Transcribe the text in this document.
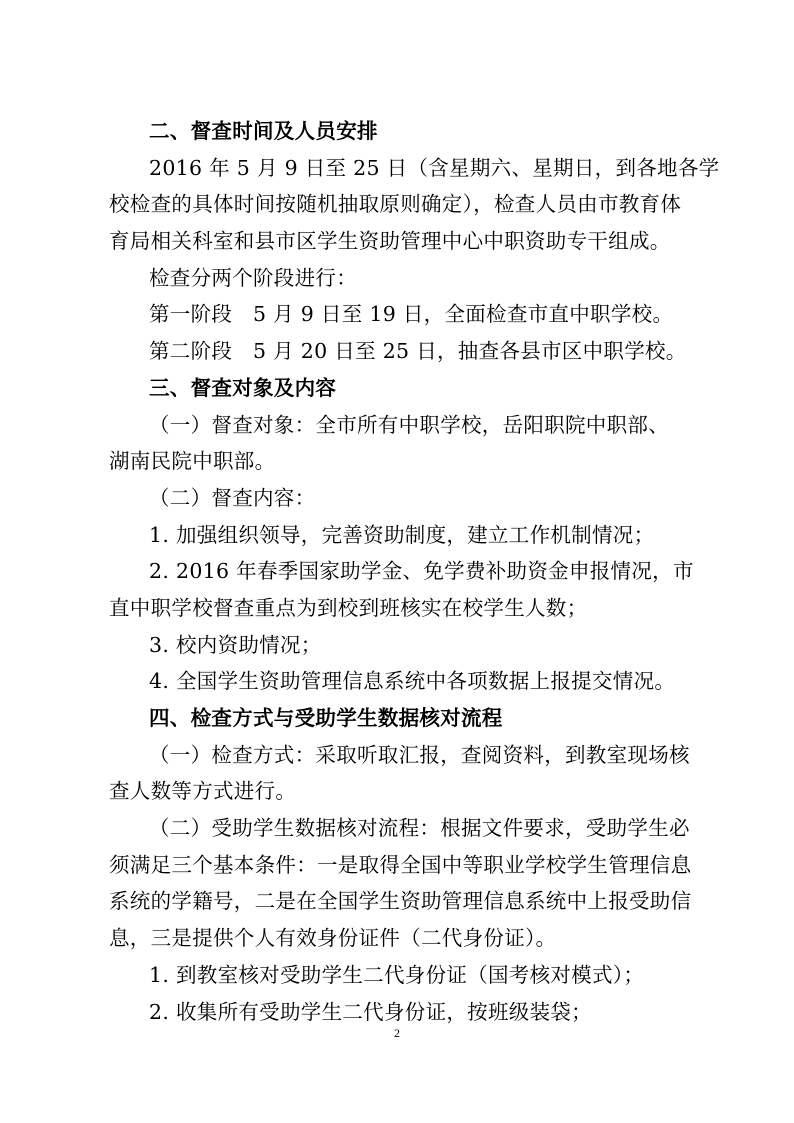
二、督查时间及人员安排
2016 年 5 月 9 日至 25 日（含星期六、星期日，到各地各学
校检查的具体时间按随机抽取原则确定），检查人员由市教育体
育局相关科室和县市区学生资助管理中心中职资助专干组成。
检查分两个阶段进行：
第一阶段　5 月 9 日至 19 日，全面检查市直中职学校。
第二阶段　5 月 20 日至 25 日，抽查各县市区中职学校。
三、督查对象及内容
（一）督查对象：全市所有中职学校，岳阳职院中职部、
湖南民院中职部。
（二）督查内容：
1. 加强组织领导，完善资助制度，建立工作机制情况；
2. 2016 年春季国家助学金、免学费补助资金申报情况，市
直中职学校督查重点为到校到班核实在校学生人数；
3. 校内资助情况；
4. 全国学生资助管理信息系统中各项数据上报提交情况。
四、检查方式与受助学生数据核对流程
（一）检查方式：采取听取汇报，查阅资料，到教室现场核
查人数等方式进行。
（二）受助学生数据核对流程：根据文件要求，受助学生必
须满足三个基本条件：一是取得全国中等职业学校学生管理信息
系统的学籍号，二是在全国学生资助管理信息系统中上报受助信
息，三是提供个人有效身份证件（二代身份证）。
1. 到教室核对受助学生二代身份证（国考核对模式）；
2. 收集所有受助学生二代身份证，按班级装袋；
2
